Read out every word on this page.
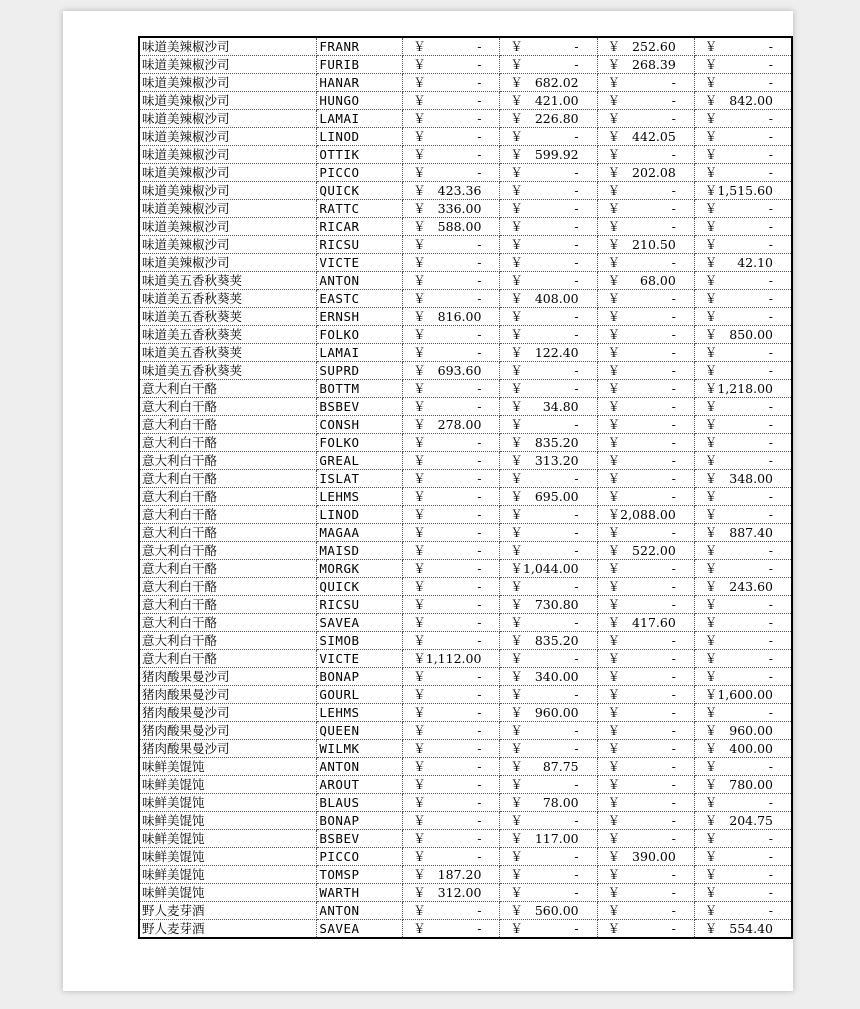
味道美辣椒沙司	FRANR	￥ -	￥ -	￥ 252.60	￥ -

味道美辣椒沙司	FURIB	￥ -	￥ -	￥ 268.39	￥ -

味道美辣椒沙司	HANAR	￥ -	￥ 682.02	￥ -	￥ -

味道美辣椒沙司	HUNGO	￥ -	￥ 421.00	￥ -	￥ 842.00

味道美辣椒沙司	LAMAI	￥ -	￥ 226.80	￥ -	￥ -

味道美辣椒沙司	LINOD	￥ -	￥ -	￥ 442.05	￥ -

味道美辣椒沙司	OTTIK	￥ -	￥ 599.92	￥ -	￥ -

味道美辣椒沙司	PICCO	￥ -	￥ -	￥ 202.08	￥ -

味道美辣椒沙司	QUICK	￥ 423.36	￥ -	￥ -	￥ 1,515.60

味道美辣椒沙司	RATTC	￥ 336.00	￥ -	￥ -	￥ -

味道美辣椒沙司	RICAR	￥ 588.00	￥ -	￥ -	￥ -

味道美辣椒沙司	RICSU	￥ -	￥ -	￥ 210.50	￥ -

味道美辣椒沙司	VICTE	￥ -	￥ -	￥ -	￥ 42.10

味道美五香秋葵荚	ANTON	￥ -	￥ -	￥ 68.00	￥ -

味道美五香秋葵荚	EASTC	￥ -	￥ 408.00	￥ -	￥ -

味道美五香秋葵荚	ERNSH	￥ 816.00	￥ -	￥ -	￥ -

味道美五香秋葵荚	FOLKO	￥ -	￥ -	￥ -	￥ 850.00

味道美五香秋葵荚	LAMAI	￥ -	￥ 122.40	￥ -	￥ -

味道美五香秋葵荚	SUPRD	￥ 693.60	￥ -	￥ -	￥ -

意大利白干酪	BOTTM	￥ -	￥ -	￥ -	￥ 1,218.00

意大利白干酪	BSBEV	￥ -	￥ 34.80	￥ -	￥ -

意大利白干酪	CONSH	￥ 278.00	￥ -	￥ -	￥ -

意大利白干酪	FOLKO	￥ -	￥ 835.20	￥ -	￥ -

意大利白干酪	GREAL	￥ -	￥ 313.20	￥ -	￥ -

意大利白干酪	ISLAT	￥ -	￥ -	￥ -	￥ 348.00

意大利白干酪	LEHMS	￥ -	￥ 695.00	￥ -	￥ -

意大利白干酪	LINOD	￥ -	￥ -	￥ 2,088.00	￥ -

意大利白干酪	MAGAA	￥ -	￥ -	￥ -	￥ 887.40

意大利白干酪	MAISD	￥ -	￥ -	￥ 522.00	￥ -

意大利白干酪	MORGK	￥ -	￥ 1,044.00	￥ -	￥ -

意大利白干酪	QUICK	￥ -	￥ -	￥ -	￥ 243.60

意大利白干酪	RICSU	￥ -	￥ 730.80	￥ -	￥ -

意大利白干酪	SAVEA	￥ -	￥ -	￥ 417.60	￥ -

意大利白干酪	SIMOB	￥ -	￥ 835.20	￥ -	￥ -

意大利白干酪	VICTE	￥ 1,112.00	￥ -	￥ -	￥ -

猪肉酸果曼沙司	BONAP	￥ -	￥ 340.00	￥ -	￥ -

猪肉酸果曼沙司	GOURL	￥ -	￥ -	￥ -	￥ 1,600.00

猪肉酸果曼沙司	LEHMS	￥ -	￥ 960.00	￥ -	￥ -

猪肉酸果曼沙司	QUEEN	￥ -	￥ -	￥ -	￥ 960.00

猪肉酸果曼沙司	WILMK	￥ -	￥ -	￥ -	￥ 400.00

味鲜美馄饨	ANTON	￥ -	￥ 87.75	￥ -	￥ -

味鲜美馄饨	AROUT	￥ -	￥ -	￥ -	￥ 780.00

味鲜美馄饨	BLAUS	￥ -	￥ 78.00	￥ -	￥ -

味鲜美馄饨	BONAP	￥ -	￥ -	￥ -	￥ 204.75

味鲜美馄饨	BSBEV	￥ -	￥ 117.00	￥ -	￥ -

味鲜美馄饨	PICCO	￥ -	￥ -	￥ 390.00	￥ -

味鲜美馄饨	TOMSP	￥ 187.20	￥ -	￥ -	￥ -

味鲜美馄饨	WARTH	￥ 312.00	￥ -	￥ -	￥ -

野人麦芽酒	ANTON	￥ -	￥ 560.00	￥ -	￥ -

野人麦芽酒	SAVEA	￥ -	￥ -	￥ -	￥ 554.40
